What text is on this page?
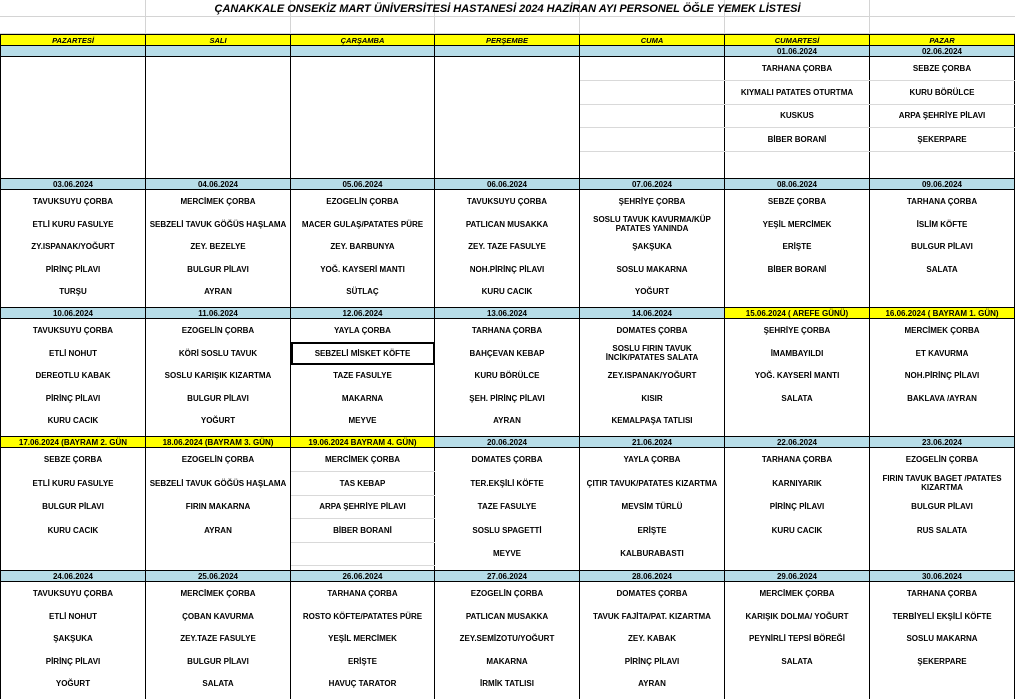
ÇANAKKALE ONSEKİZ MART ÜNİVERSİTESİ HASTANESİ 2024 HAZİRAN AYI PERSONEL ÖĞLE YEMEK LİSTESİ
PAZARTESİ	SALI	ÇARŞAMBA	PERŞEMBE	CUMA	CUMARTESİ	PAZAR
					01.06.2024	02.06.2024
					TARHANA ÇORBA	SEBZE ÇORBA
					KIYMALI PATATES OTURTMA	KURU BÖRÜLCE
					KUSKUS	ARPA ŞEHRİYE PİLAVI
					BİBER BORANİ	ŞEKERPARE

03.06.2024	04.06.2024	05.06.2024	06.06.2024	07.06.2024	08.06.2024	09.06.2024
TAVUKSUYU ÇORBA	MERCİMEK ÇORBA	EZOGELİN ÇORBA	TAVUKSUYU ÇORBA	ŞEHRİYE ÇORBA	SEBZE ÇORBA	TARHANA ÇORBA
ETLİ KURU FASULYE	SEBZELİ TAVUK GÖĞÜS HAŞLAMA	MACER GULAŞ/PATATES PÜRE	PATLICAN MUSAKKA	SOSLU TAVUK KAVURMA/KÜP PATATES YANINDA	YEŞİL MERCİMEK	İSLİM KÖFTE
ZY.ISPANAK/YOĞURT	ZEY. BEZELYE	ZEY. BARBUNYA	ZEY. TAZE FASULYE	ŞAKŞUKA	ERİŞTE	BULGUR PİLAVI
PİRİNÇ PİLAVI	BULGUR PİLAVI	YOĞ. KAYSERİ MANTI	NOH.PİRİNÇ PİLAVI	SOSLU MAKARNA	BİBER BORANİ	SALATA
TURŞU	AYRAN	SÜTLAÇ	KURU CACIK	YOĞURT		

10.06.2024	11.06.2024	12.06.2024	13.06.2024	14.06.2024	15.06.2024 ( AREFE GÜNÜ)	16.06.2024 ( BAYRAM 1. GÜN)
TAVUKSUYU ÇORBA	EZOGELİN ÇORBA	YAYLA ÇORBA	TARHANA ÇORBA	DOMATES ÇORBA	ŞEHRİYE ÇORBA	MERCİMEK ÇORBA
ETLİ NOHUT	KÖRİ SOSLU TAVUK	SEBZELİ MİSKET KÖFTE	BAHÇEVAN KEBAP	SOSLU FIRIN TAVUK İNCİK/PATATES SALATA	İMAMBAYILDI	ET KAVURMA
DEREOTLU KABAK	SOSLU KARIŞIK KIZARTMA	TAZE FASULYE	KURU BÖRÜLCE	ZEY.ISPANAK/YOĞURT	YOĞ. KAYSERİ MANTI	NOH.PİRİNÇ PİLAVI
PİRİNÇ PİLAVI	BULGUR PİLAVI	MAKARNA	ŞEH. PİRİNÇ PİLAVI	KISIR	SALATA	BAKLAVA /AYRAN
KURU CACIK	YOĞURT	MEYVE	AYRAN	KEMALPAŞA TATLISI		

17.06.2024 (BAYRAM 2. GÜN	18.06.2024 (BAYRAM 3. GÜN)	19.06.2024 BAYRAM 4. GÜN)	20.06.2024	21.06.2024	22.06.2024	23.06.2024
SEBZE ÇORBA	EZOGELİN ÇORBA	MERCİMEK ÇORBA	DOMATES ÇORBA	YAYLA ÇORBA	TARHANA ÇORBA	EZOGELİN ÇORBA
ETLİ KURU FASULYE	SEBZELİ TAVUK GÖĞÜS HAŞLAMA	TAS KEBAP	TER.EKŞİLİ KÖFTE	ÇITIR TAVUK/PATATES KIZARTMA	KARNIYARIK	FIRIN TAVUK BAGET /PATATES KIZARTMA
BULGUR PİLAVI	FIRIN MAKARNA	ARPA ŞEHRİYE PİLAVI	TAZE FASULYE	MEVSİM TÜRLÜ	PİRİNÇ PİLAVI	BULGUR PİLAVI
KURU CACIK	AYRAN	BİBER BORANİ	SOSLU SPAGETTİ	ERİŞTE	KURU CACIK	RUS SALATA
			MEYVE	KALBURABASTI		

24.06.2024	25.06.2024	26.06.2024	27.06.2024	28.06.2024	29.06.2024	30.06.2024
TAVUKSUYU ÇORBA	MERCİMEK ÇORBA	TARHANA ÇORBA	EZOGELİN ÇORBA	DOMATES ÇORBA	MERCİMEK ÇORBA	TARHANA ÇORBA
ETLİ NOHUT	ÇOBAN KAVURMA	ROSTO KÖFTE/PATATES PÜRE	PATLICAN MUSAKKA	TAVUK FAJİTA/PAT. KIZARTMA	KARIŞIK DOLMA/ YOĞURT	TERBİYELİ EKŞİLİ KÖFTE
ŞAKŞUKA	ZEY.TAZE FASULYE	YEŞİL MERCİMEK	ZEY.SEMİZOTU/YOĞURT	ZEY. KABAK	PEYNİRLİ TEPSİ BÖREĞİ	SOSLU MAKARNA
PİRİNÇ PİLAVI	BULGUR PİLAVI	ERİŞTE	MAKARNA	PİRİNÇ PİLAVI	SALATA	ŞEKERPARE
YOĞURT	SALATA	HAVUÇ TARATOR	İRMİK TATLISI	AYRAN		
